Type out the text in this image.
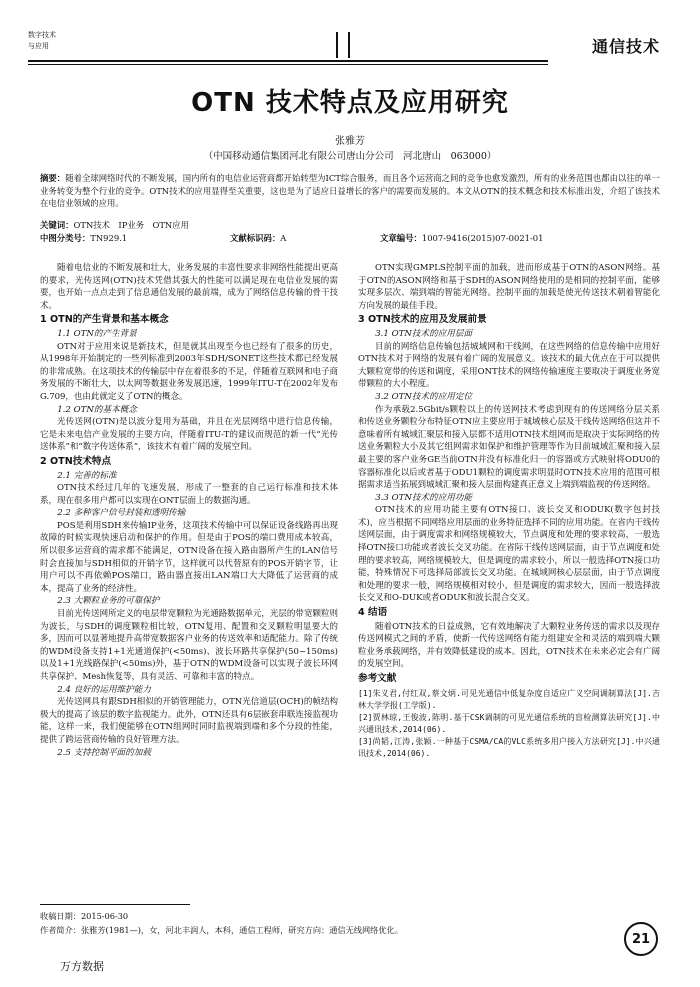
数字技术
与应用	通信技术
OTN 技术特点及应用研究
张雅芳
（中国移动通信集团河北有限公司唐山分公司　河北唐山　063000）
摘要：随着全球网络时代的不断发展，国内所有的电信业运营商都开始转型为ICT综合服务，而且各个运营商之间的竞争也愈发激烈，所有的业务范围也都由以往的单一业务转变为整个行业的竞争。OTN技术的应用显得至关重要，这也是为了适应日益增长的客户的需要而发展的。本文从OTN的技术概念和技术标准出发，介绍了该技术在电信业领域的应用。
关键词：OTN技术　IP业务　OTN应用
中图分类号：TN929.1	文献标识码：A	文章编号：1007-9416(2015)07-0021-01

随着电信业的不断发展和壮大，业务发展的丰富性要求非网络性能提出更高的要求，光传送网(OTN)技术凭借其强大的性能可以满足现在电信业发展的需要，也开始一点点走到了信息通信发展的最前端，成为了网络信息传输的骨干技术。

1 OTN的产生背景和基本概念
1.1 OTN的产生背景

OTN对于应用来说是新技术，但是就其出现至今也已经有了很多的历史，从1998年开始制定的一些列标准到2003年SDH/SONET这些技术都已经发展的非常成熟。在这项技术的传输层中存在着很多的不足，伴随着互联网和电子商务发展的不断壮大，以太网等数据业务发展迅速，1999年ITU-T在2002年发布G.709，也由此就定义了OTN的概念。

1.2 OTN的基本概念

光传送网(OTN)是以波分复用为基础，并且在光层网络中进行信息传输，它是未来电信产业发展的主要方向，伴随着ITU-T的建议而规范的新一代“光传送体系”和“数字传送体系”，该技术有着广阔的发展空间。

2 OTN技术特点
2.1 完善的标准

OTN技术经过几年的飞速发展，形成了一整套的自己运行标准和技术体系，现在很多用户都可以实现在ONT层面上的数据沟通。

2.2 多种客户信号封装和透明传输

POS是利用SDH来传输IP业务，这项技术传输中可以保证设备线路再出现故障的时候实现快速启动和保护的作用。但是由于POS的端口费用成本较高，所以很多运营商的需求都不能满足，OTN设备在接入路由器所产生的LAN信号时会直接加与SDH相似的开销字节，这样就可以代替原有的POS开销字节，让用户可以不再依赖POS端口，路由器直接出LAN端口大大降低了运营商的成本，提高了业务的经济性。

2.3 大颗粒业务的可靠保护

目前光传送网所定义的电层带宽颗粒为光通路数据单元，光层的带宽颗粒则为波长，与SDH的调度颗粒相比较，OTN复用、配置和交叉颗粒明显要大的多，因而可以显著地提升高带宽数据客户业务的传送效率和适配能力。除了传统的WDM设备支持1+1光通道保护(<50ms)、波长环路共享保护(50~150ms)以及1+1光线路保护(<50ms)外，基于OTN的WDM设备可以实现子波长环网共享保护、Mesh恢复等，具有灵活、可靠和丰富的特点。

2.4 良好的运用维护能力

光传送网具有跟SDH相似的开销管理能力，OTN光信道层(OCH)的帧结构极大的提高了该层的数字监视能力。此外，OTN还具有6层嵌套串联连接监视功能，这样一来，我们便能够在OTN组网时同时监视端到端和多个分段的性能，提供了跨运营商传输的良好管理方法。

2.5 支持控制平面的加载

OTN实现GMPLS控制平面的加载，进而形成基于OTN的ASON网络。基于OTN的ASON网络和基于SDH的ASON网络使用的是相同的控制平面，能够实现多层次、端到端的智能光网络。控制平面的加载是使光传送技术朝着智能化方向发展的最佳手段。

3 OTN技术的应用及发展前景
3.1 OTN技术的应用层面

目前的网络信息传输包括城域网和干线网，在这些网络的信息传输中应用好OTN技术对于网络的发展有着广阔的发展意义。该技术的最大优点在于可以提供大颗粒宽带的传送和调度，采用ONT技术的网络传输速度主要取决于调度业务宽带颗粒的大小程度。

3.2 OTN技术的应用定位

作为承载2.5Gbit/s颗粒以上的传送网技术考虑到现有的传送网络分层关系和传送业务颗粒分布特征OTN应主要应用于城域核心层及干线传送网络但这并不意味着所有城域汇聚层和接入层都不适用OTN技术组网而是取决于实际网络的传送业务颗粒大小及其它组网需求如保护和维护管理等作为目前城域汇聚和接入层最主要的客户业务GE当前OTN并没有标准化归一的容器或方式映射将ODU0的容器标准化以后或者基于ODU1颗粒的调度需求明显时OTN技术应用的范围可根据需求适当拓展到城域汇聚和接入层面构建真正意义上端到端监视的传送网络。

3.3 OTN技术的应用功能

OTN技术的应用功能主要有OTN接口、波长交叉和ODUK(数字包封技术)，应当根据不同网络应用层面的业务特征选择不同的应用功能。在省内干线传送网层面，由于调度需求和网络规模较大，节点调度和处理的要求较高，一般选择OTN接口功能或者波长交叉功能。在省际干线传送网层面，由于节点调度和处理的要求较高，网络规模较大，但是调度的需求较小，所以一般选择OTN接口功能，特殊情况下可选择局部波长交叉功能。在城域网核心层层面，由于节点调度和处理的要求一般，网络规模相对较小，但是调度的需求较大，因而一般选择波长交叉和O-DUK或者ODUK和波长混合交叉。

4 结语

随着OTN技术的日益成熟，它有效地解决了大颗粒业务传送的需求以及现存传送网模式之间的矛盾，使新一代传送网络有能力组建安全和灵活的端到端大颗粒业务承载网络，并有效降低建设的成本。因此，OTN技术在未来必定会有广阔的发展空间。

参考文献
[1]朱义君,付红双,蔡文炳.可见光通信中低复杂度自适应广义空间调制算法[J].吉林大学学报(工学版).
[2]贾林琼,王俊波,陈明.基于CSK调制的可见光通信系统的盲检测算法研究[J].中兴通讯技术,2014(06).
[3]尚韬,江涛,张颖.一种基于CSMA/CA的VLC系统多用户接入方法研究[J].中兴通讯技术,2014(06).
收稿日期：2015-06-30
作者简介：张雅芳(1981—)，女，河北丰润人，本科，通信工程师，研究方向：通信无线网络优化。
21
万方数据
